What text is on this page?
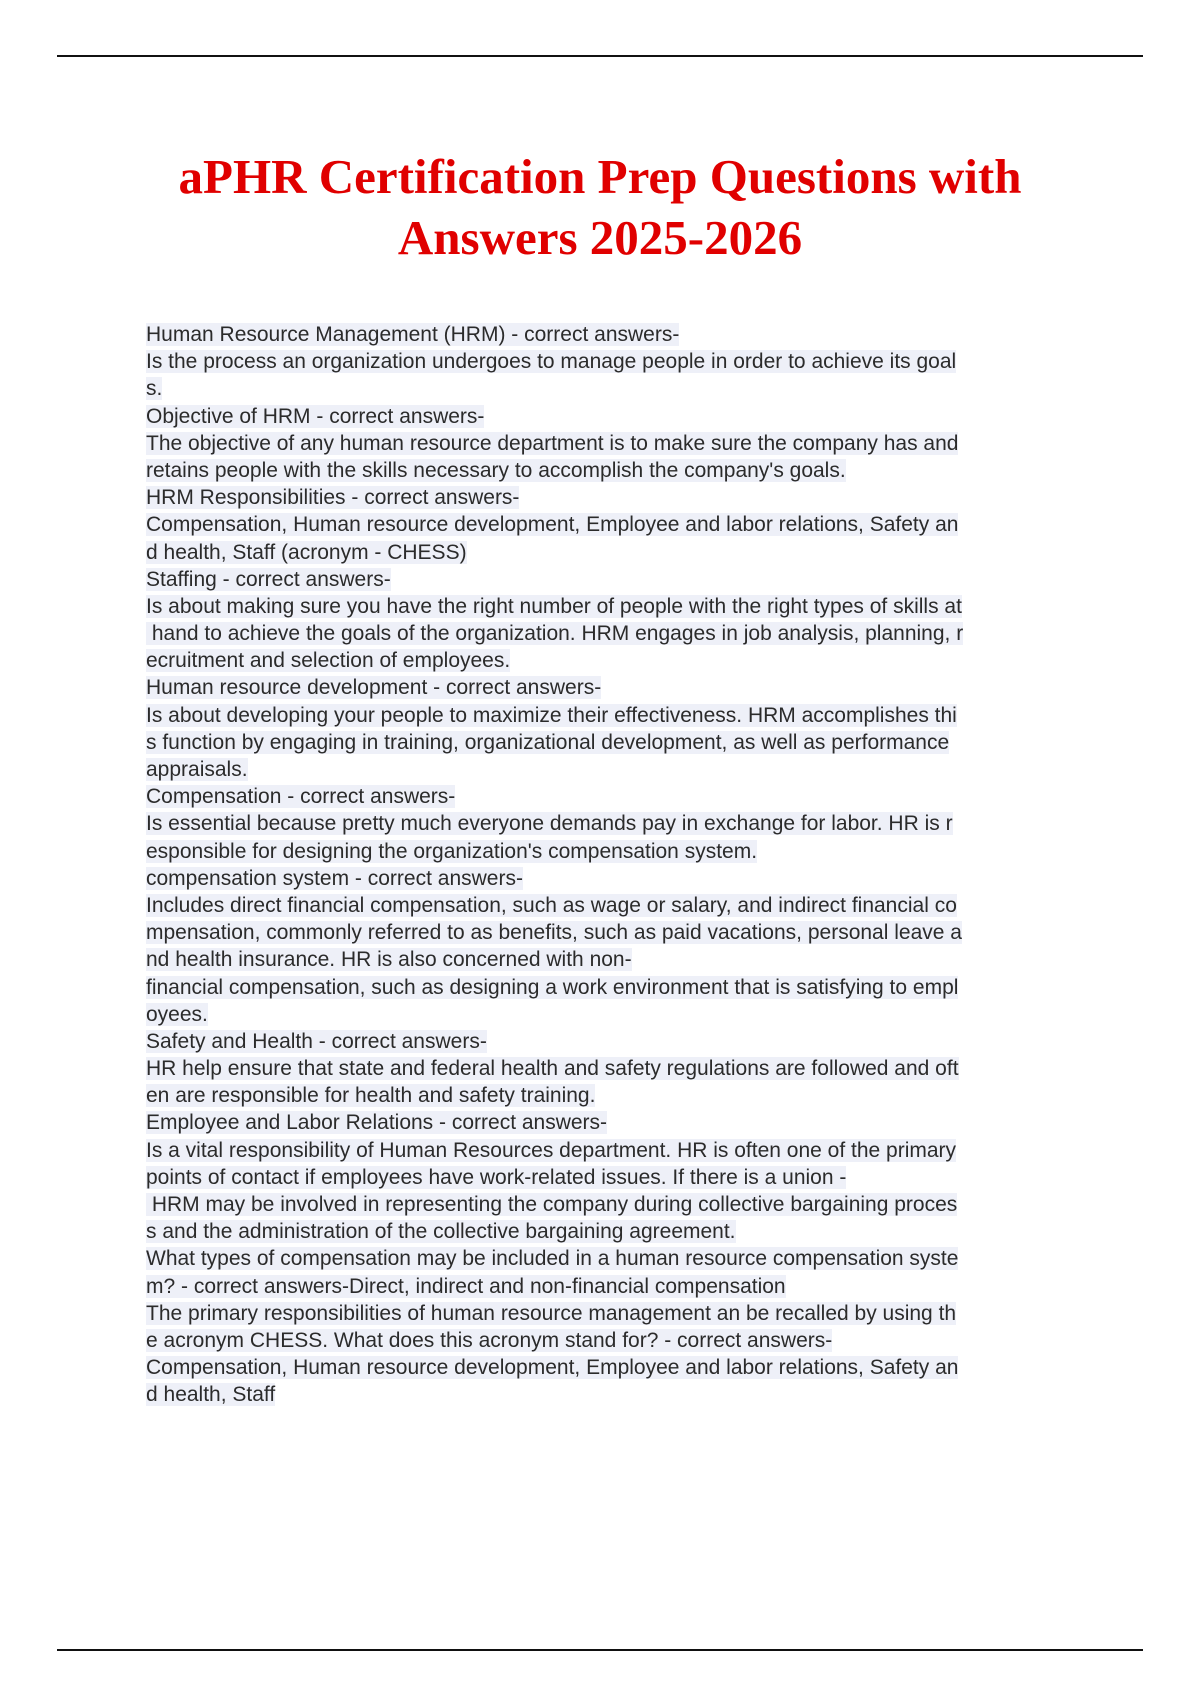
aPHR Certification Prep Questions with
Answers 2025-2026
Human Resource Management (HRM) - correct answers-
Is the process an organization undergoes to manage people in order to achieve its goal
s.
Objective of HRM - correct answers-
The objective of any human resource department is to make sure the company has and
retains people with the skills necessary to accomplish the company's goals.
HRM Responsibilities - correct answers-
Compensation, Human resource development, Employee and labor relations, Safety an
d health, Staff (acronym - CHESS)
Staffing - correct answers-
Is about making sure you have the right number of people with the right types of skills at
hand to achieve the goals of the organization. HRM engages in job analysis, planning, r
ecruitment and selection of employees.
Human resource development - correct answers-
Is about developing your people to maximize their effectiveness. HRM accomplishes thi
s function by engaging in training, organizational development, as well as performance
appraisals.
Compensation - correct answers-
Is essential because pretty much everyone demands pay in exchange for labor. HR is r
esponsible for designing the organization's compensation system.
compensation system - correct answers-
Includes direct financial compensation, such as wage or salary, and indirect financial co
mpensation, commonly referred to as benefits, such as paid vacations, personal leave a
nd health insurance. HR is also concerned with non-
financial compensation, such as designing a work environment that is satisfying to empl
oyees.
Safety and Health - correct answers-
HR help ensure that state and federal health and safety regulations are followed and oft
en are responsible for health and safety training.
Employee and Labor Relations - correct answers-
Is a vital responsibility of Human Resources department. HR is often one of the primary
points of contact if employees have work-related issues. If there is a union -
HRM may be involved in representing the company during collective bargaining proces
s and the administration of the collective bargaining agreement.
What types of compensation may be included in a human resource compensation syste
m? - correct answers-Direct, indirect and non-financial compensation
The primary responsibilities of human resource management an be recalled by using th
e acronym CHESS. What does this acronym stand for? - correct answers-
Compensation, Human resource development, Employee and labor relations, Safety an
d health, Staff
